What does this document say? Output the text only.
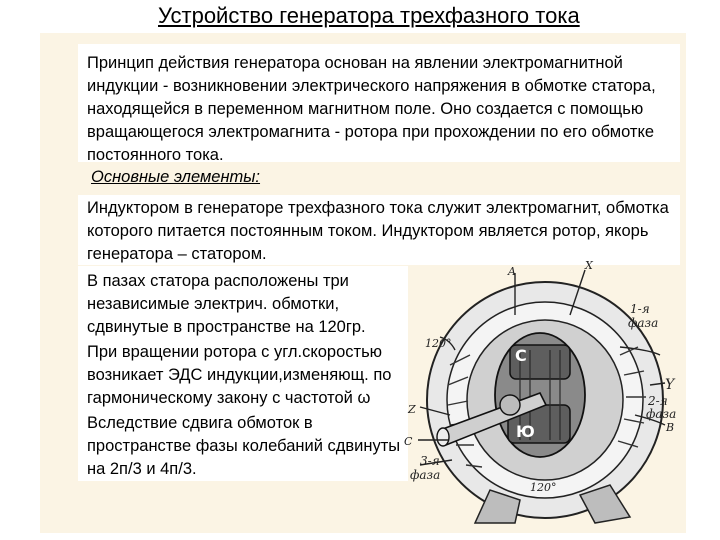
Устройство генератора трехфазного тока

Принцип действия генератора основан на явлении электромагнитной индукции - возникновении электрического напряжения в обмотке статора, находящейся в переменном магнитном поле. Оно создается с помощью вращающегося электромагнита - ротора при прохождении по его обмотке постоянного тока.

Основные элементы:

Индуктором в генераторе трехфазного тока служит электромагнит, обмотка которого питается постоянным током. Индуктором является ротор, якорь генератора – статором.

В пазах статора расположены три независимые электрич. обмотки, сдвинутые в пространстве на 120гр.

При вращении ротора с угл.скоростью возникает ЭДС индукции,изменяющ. по гармоническому закону с частотой ω

Вследствие сдвига обмоток в пространстве фазы колебаний сдвинуты на 2п/3 и 4п/3.

A	X
1-я
фаза
120°
С
Ю
Y
2-я
фаза
В
Z
С
3-я
фаза
120°
